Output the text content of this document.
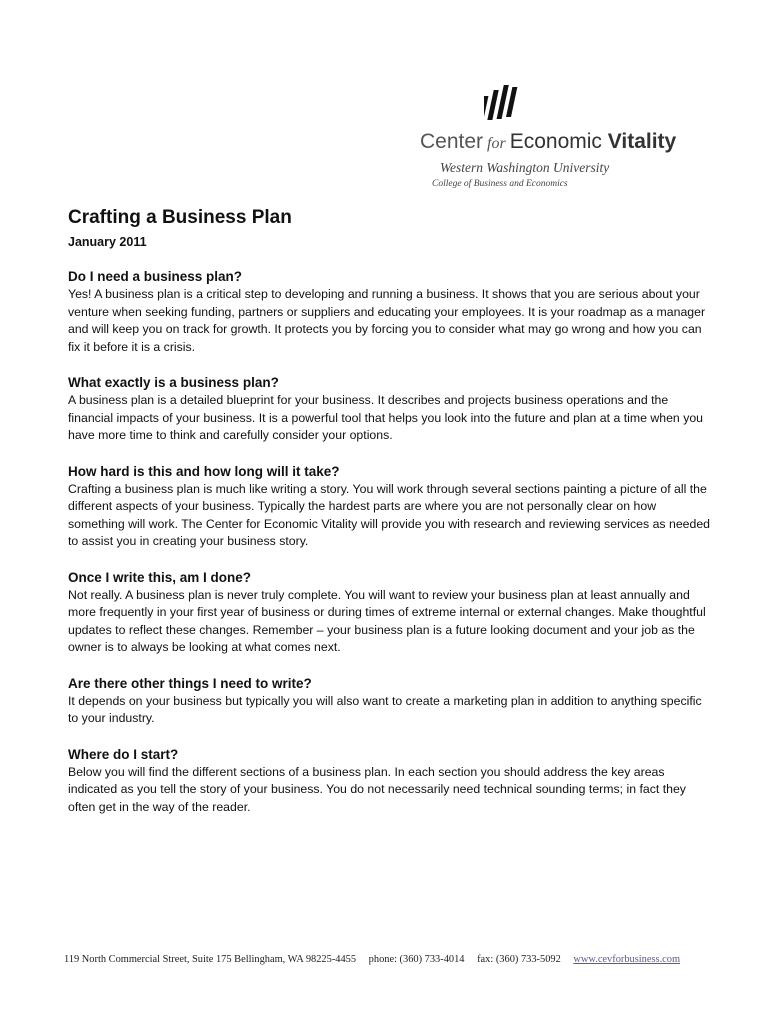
Center for Economic Vitality
Western Washington University
College of Business and Economics
Crafting a Business Plan
January 2011
Do I need a business plan?

Yes! A business plan is a critical step to developing and running a business. It shows that you are serious about your venture when seeking funding, partners or suppliers and educating your employees. It is your roadmap as a manager and will keep you on track for growth. It protects you by forcing you to consider what may go wrong and how you can fix it before it is a crisis.

What exactly is a business plan?

A business plan is a detailed blueprint for your business. It describes and projects business operations and the financial impacts of your business. It is a powerful tool that helps you look into the future and plan at a time when you have more time to think and carefully consider your options.

How hard is this and how long will it take?

Crafting a business plan is much like writing a story. You will work through several sections painting a picture of all the different aspects of your business. Typically the hardest parts are where you are not personally clear on how something will work. The Center for Economic Vitality will provide you with research and reviewing services as needed to assist you in creating your business story.

Once I write this, am I done?

Not really. A business plan is never truly complete. You will want to review your business plan at least annually and more frequently in your first year of business or during times of extreme internal or external changes. Make thoughtful updates to reflect these changes. Remember – your business plan is a future looking document and your job as the owner is to always be looking at what comes next.

Are there other things I need to write?

It depends on your business but typically you will also want to create a marketing plan in addition to anything specific to your industry.

Where do I start?

Below you will find the different sections of a business plan. In each section you should address the key areas indicated as you tell the story of your business. You do not necessarily need technical sounding terms; in fact they often get in the way of the reader.

119 North Commercial Street, Suite 175 Bellingham, WA 98225-4455 phone: (360) 733-4014 fax: (360) 733-5092 www.cevforbusiness.com
